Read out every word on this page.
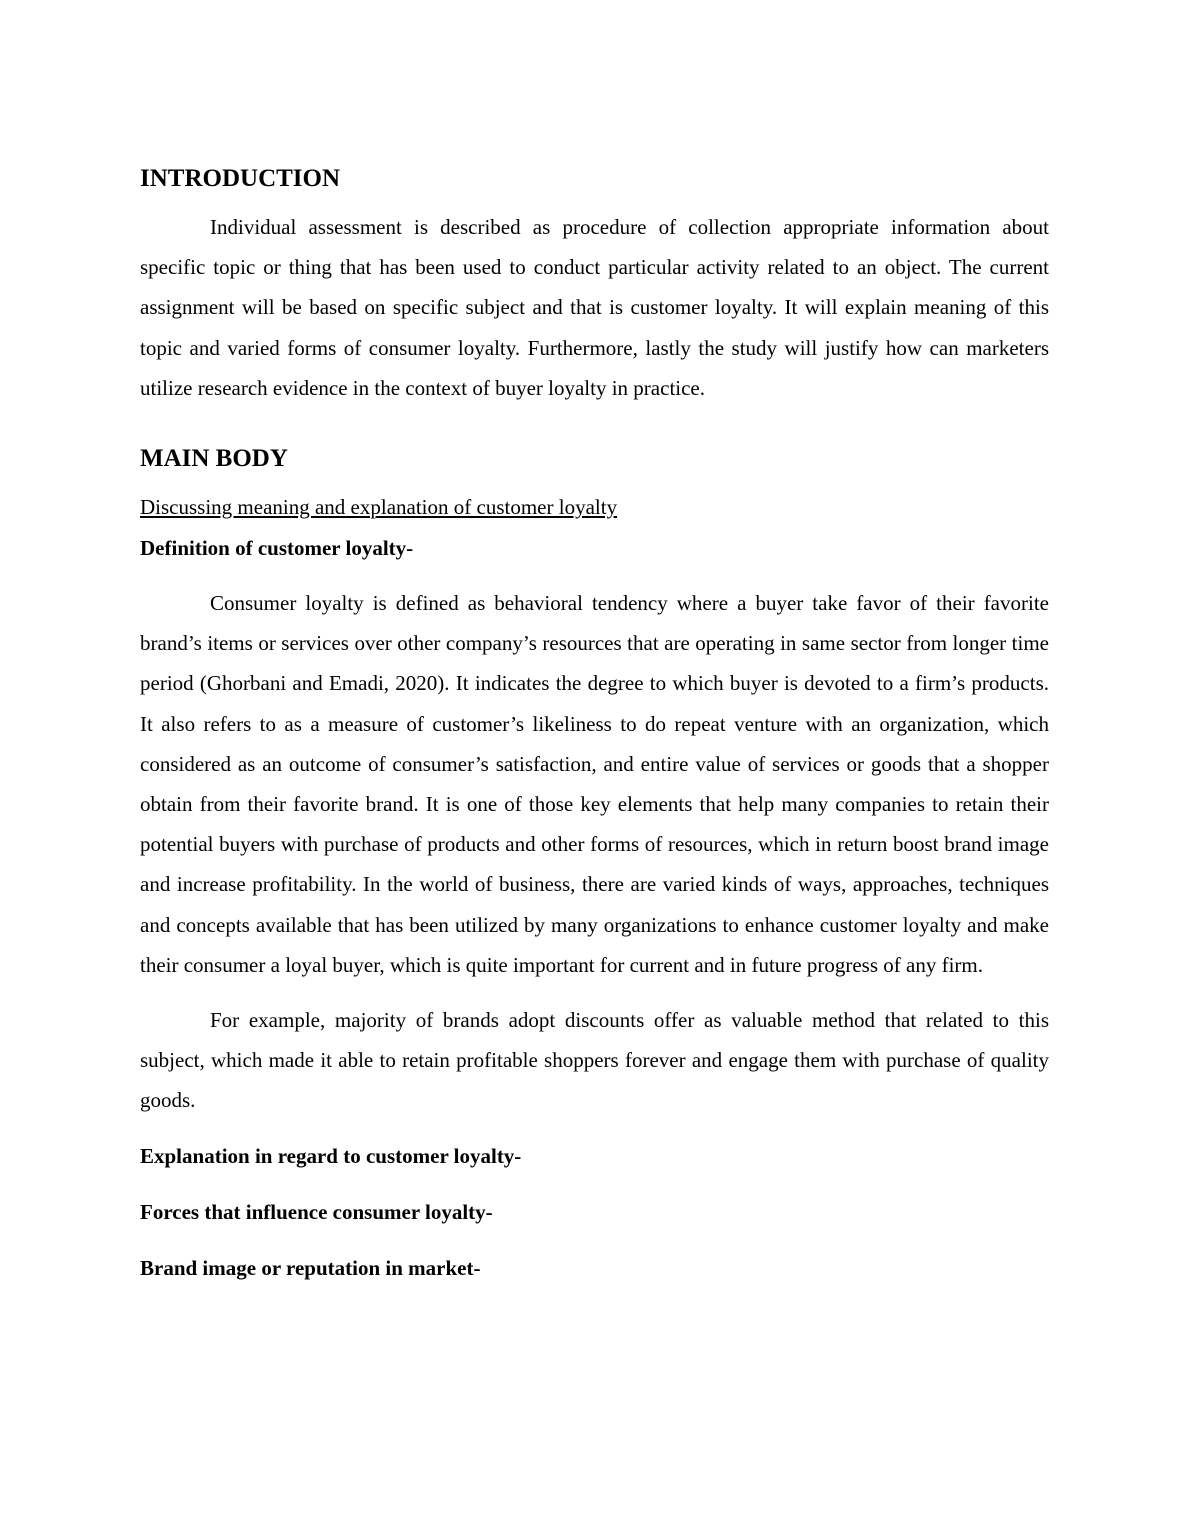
INTRODUCTION

Individual assessment is described as procedure of collection appropriate information about specific topic or thing that has been used to conduct particular activity related to an object. The current assignment will be based on specific subject and that is customer loyalty. It will explain meaning of this topic and varied forms of consumer loyalty. Furthermore, lastly the study will justify how can marketers utilize research evidence in the context of buyer loyalty in practice.

MAIN BODY
Discussing meaning and explanation of customer loyalty
Definition of customer loyalty-

Consumer loyalty is defined as behavioral tendency where a buyer take favor of their favorite brand’s items or services over other company’s resources that are operating in same sector from longer time period (Ghorbani and Emadi, 2020). It indicates the degree to which buyer is devoted to a firm’s products. It also refers to as a measure of customer’s likeliness to do repeat venture with an organization, which considered as an outcome of consumer’s satisfaction, and entire value of services or goods that a shopper obtain from their favorite brand. It is one of those key elements that help many companies to retain their potential buyers with purchase of products and other forms of resources, which in return boost brand image and increase profitability. In the world of business, there are varied kinds of ways, approaches, techniques and concepts available that has been utilized by many organizations to enhance customer loyalty and make their consumer a loyal buyer, which is quite important for current and in future progress of any firm.

For example, majority of brands adopt discounts offer as valuable method that related to this subject, which made it able to retain profitable shoppers forever and engage them with purchase of quality goods.

Explanation in regard to customer loyalty-
Forces that influence consumer loyalty-
Brand image or reputation in market-
